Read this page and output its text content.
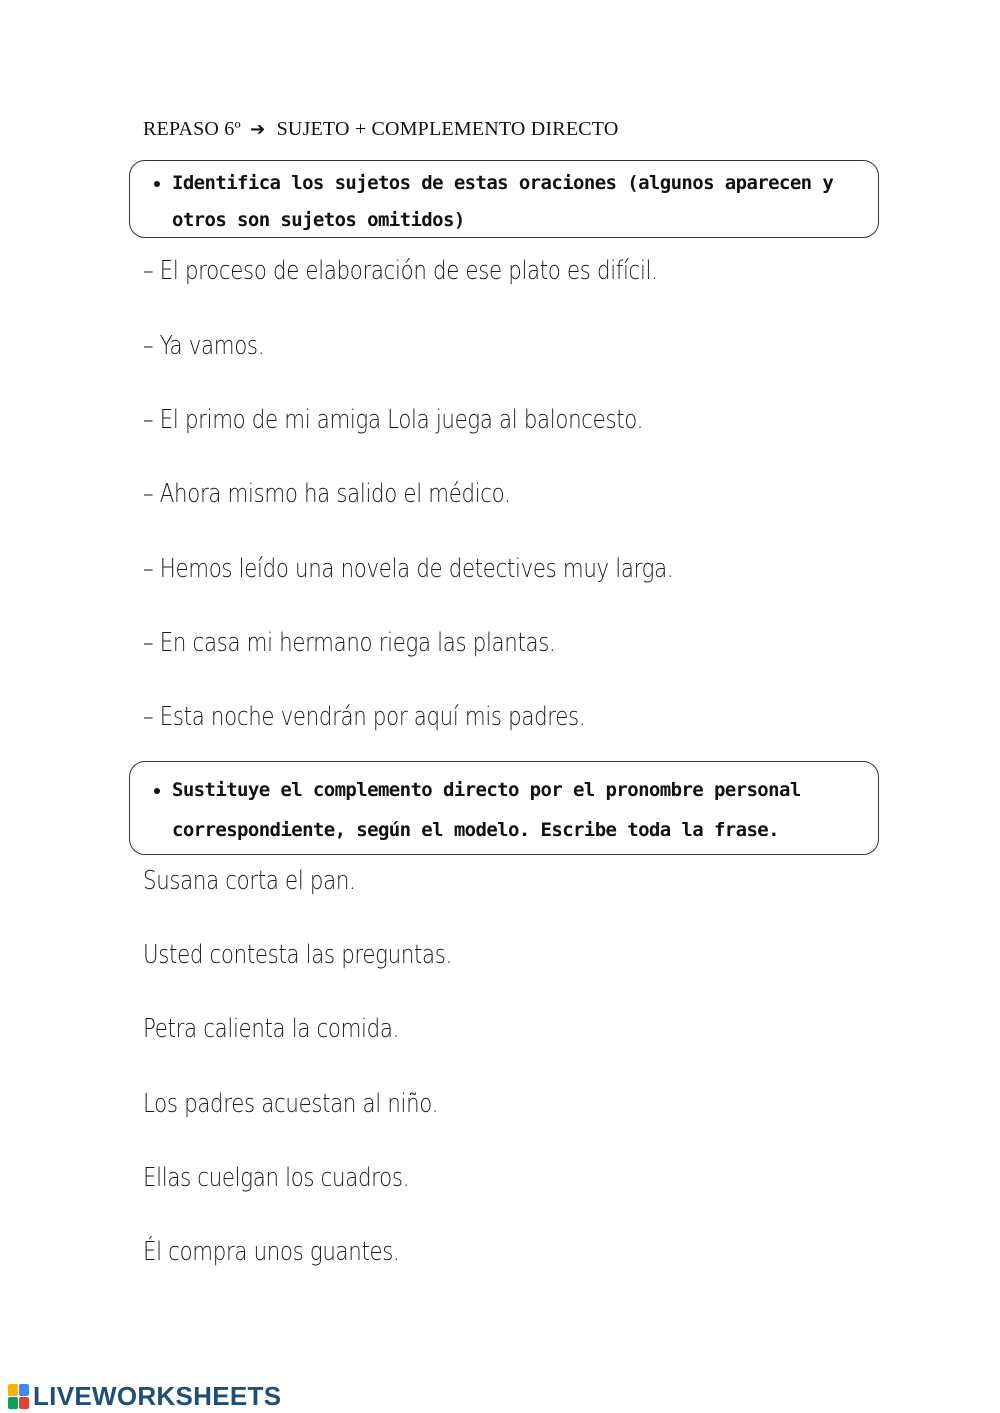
REPASO 6º ➔ SUJETO + COMPLEMENTO DIRECTO
• Identifica los sujetos de estas oraciones (algunos aparecen y otros son sujetos omitidos)
– El proceso de elaboración de ese plato es difícil.
– Ya vamos.
– El primo de mi amiga Lola juega al baloncesto.
– Ahora mismo ha salido el médico.
– Hemos leído una novela de detectives muy larga.
– En casa mi hermano riega las plantas.
– Esta noche vendrán por aquí mis padres.
• Sustituye el complemento directo por el pronombre personal correspondiente, según el modelo. Escribe toda la frase.
Susana corta el pan.
Usted contesta las preguntas.
Petra calienta la comida.
Los padres acuestan al niño.
Ellas cuelgan los cuadros.
Él compra unos guantes.
LIVEWORKSHEETS
